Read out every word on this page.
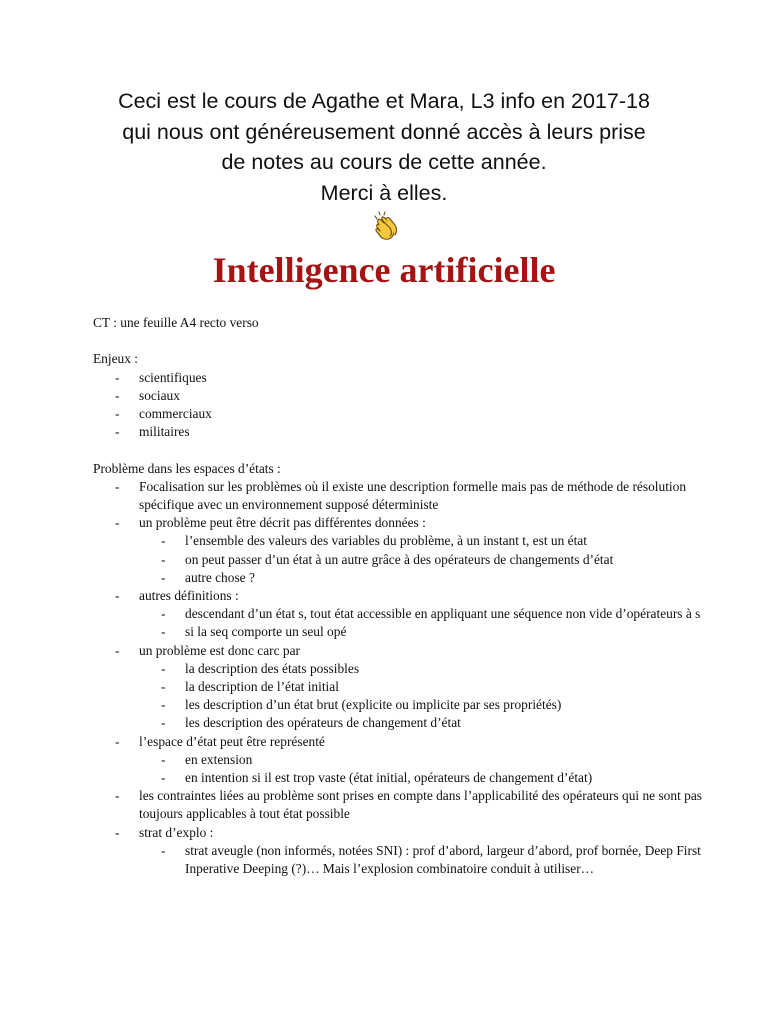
Ceci est le cours de Agathe et Mara, L3 info en 2017-18
qui nous ont généreusement donné accès à leurs prise
de notes au cours de cette année.
Merci à elles.
Intelligence artificielle

CT : une feuille A4 recto verso

Enjeux :

- scientifiques
- sociaux
- commerciaux
- militaires

Problème dans les espaces d’états :

- Focalisation sur les problèmes où il existe une description formelle mais pas de méthode de résolution spécifique avec un environnement supposé déterministe
- un problème peut être décrit pas différentes données :
- l’ensemble des valeurs des variables du problème, à un instant t, est un état
- on peut passer d’un état à un autre grâce à des opérateurs de changements d’état
- autre chose ?
- autres définitions :
- descendant d’un état s, tout état accessible en appliquant une séquence non vide d’opérateurs à s
- si la seq comporte un seul opé
- un problème est donc carc par
- la description des états possibles
- la description de l’état initial
- les description d’un état brut (explicite ou implicite par ses propriétés)
- les description des opérateurs de changement d’état
- l’espace d’état peut être représenté
- en extension
- en intention si il est trop vaste (état initial, opérateurs de changement d’état)
- les contraintes liées au problème sont prises en compte dans l’applicabilité des opérateurs qui ne sont pas toujours applicables à tout état possible
- strat d’explo :
- strat aveugle (non informés, notées SNI) : prof d’abord, largeur d’abord, prof bornée, Deep First Inperative Deeping (?)… Mais l’explosion combinatoire conduit à utiliser…
